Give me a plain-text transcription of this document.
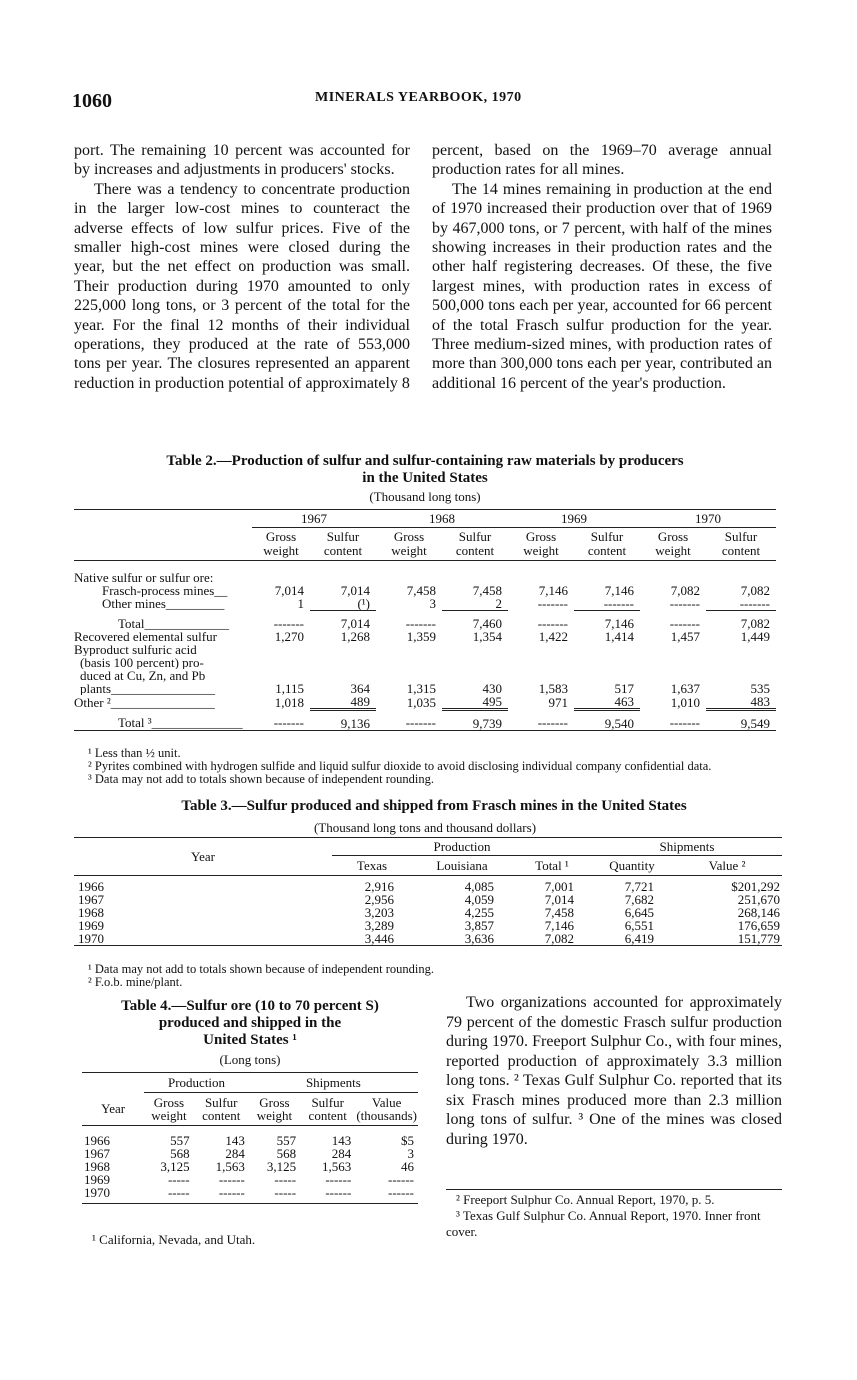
1060	MINERALS YEARBOOK, 1970

port. The remaining 10 percent was accounted for by increases and adjustments in producers' stocks.

There was a tendency to concentrate production in the larger low-cost mines to counteract the adverse effects of low sulfur prices. Five of the smaller high-cost mines were closed during the year, but the net effect on production was small. Their production during 1970 amounted to only 225,000 long tons, or 3 percent of the total for the year. For the final 12 months of their individual operations, they produced at the rate of 553,000 tons per year. The closures represented an apparent reduction in production potential of approximately 8

percent, based on the 1969–70 average annual production rates for all mines.

The 14 mines remaining in production at the end of 1970 increased their production over that of 1969 by 467,000 tons, or 7 percent, with half of the mines showing increases in their production rates and the other half registering decreases. Of these, the five largest mines, with production rates in excess of 500,000 tons each per year, accounted for 66 percent of the total Frasch sulfur production for the year. Three medium-sized mines, with production rates of more than 300,000 tons each per year, contributed an additional 16 percent of the year's production.

Table 2.—Production of sulfur and sulfur-containing raw materials by producers
in the United States
(Thousand long tons)
	1967		1968		1969		1970	
	Gross weight	Sulfur content	Gross weight	Sulfur content	Gross weight	Sulfur content	Gross weight	Sulfur content
Native sulfur or sulfur ore:								
Frasch-process mines__	7,014	7,014	7,458	7,458	7,146	7,146	7,082	7,082
Other mines_________	1	(¹)	3	2	-------	-------	-------	-------
Total_____________	-------	7,014	-------	7,460	-------	7,146	-------	7,082
Recovered elemental sulfur	1,270	1,268	1,359	1,354	1,422	1,414	1,457	1,449
Byproduct sulfuric acid								
(basis 100 percent) pro-								
duced at Cu, Zn, and Pb								
plants________________	1,115	364	1,315	430	1,583	517	1,637	535
Other ²________________	1,018	489	1,035	495	971	463	1,010	483
Total ³______________	-------	9,136	-------	9,739	-------	9,540	-------	9,549
¹ Less than ½ unit.
² Pyrites combined with hydrogen sulfide and liquid sulfur dioxide to avoid disclosing individual company confidential data.
³ Data may not add to totals shown because of independent rounding.
Table 3.—Sulfur produced and shipped from Frasch mines in the United States
(Thousand long tons and thousand dollars)
Year	Production			Shipments	
	Texas	Louisiana	Total ¹	Quantity	Value ²
1966	2,916	4,085	7,001	7,721	$201,292
1967	2,956	4,059	7,014	7,682	251,670
1968	3,203	4,255	7,458	6,645	268,146
1969	3,289	3,857	7,146	6,551	176,659
1970	3,446	3,636	7,082	6,419	151,779
¹ Data may not add to totals shown because of independent rounding.
² F.o.b. mine/plant.
Table 4.—Sulfur ore (10 to 70 percent S)
produced and shipped in the
United States ¹
(Long tons)
	Production		Shipments		
Year	Gross weight	Sulfur content	Gross weight	Sulfur content	Value (thousands)
1966	557	143	557	143	$5
1967	568	284	568	284	3
1968	3,125	1,563	3,125	1,563	46
1969	-----	------	-----	------	------
1970	-----	------	-----	------	------
¹ California, Nevada, and Utah.

Two organizations accounted for approximately 79 percent of the domestic Frasch sulfur production during 1970. Freeport Sulphur Co., with four mines, reported production of approximately 3.3 million long tons. ² Texas Gulf Sulphur Co. reported that its six Frasch mines produced more than 2.3 million long tons of sulfur. ³ One of the mines was closed during 1970.

² Freeport Sulphur Co. Annual Report, 1970, p. 5.

³ Texas Gulf Sulphur Co. Annual Report, 1970. Inner front cover.
